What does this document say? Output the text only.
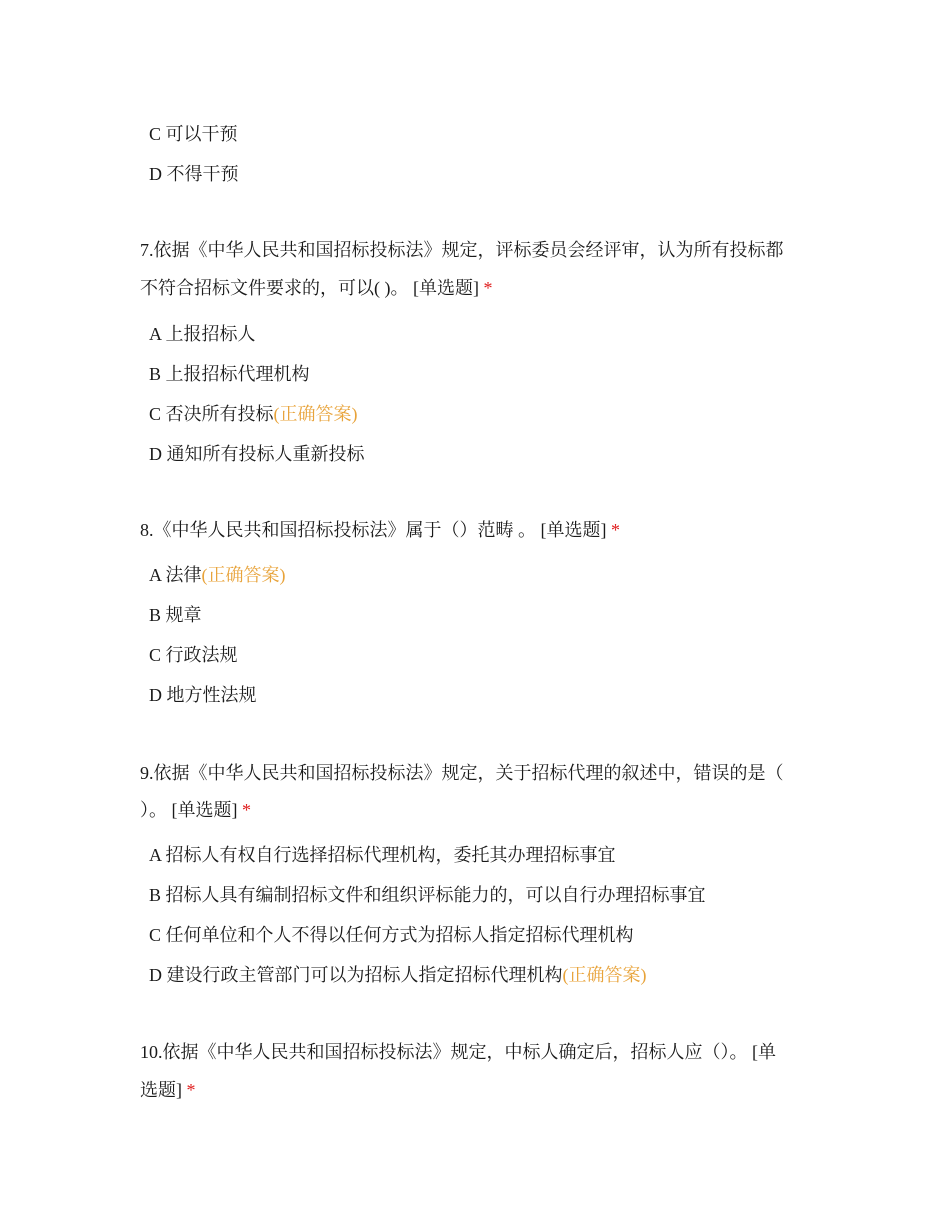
C 可以干预
D 不得干预
7.依据《中华人民共和国招标投标法》规定，评标委员会经评审，认为所有投标都
不符合招标文件要求的，可以( )。 [单选题] *
A 上报招标人
B 上报招标代理机构
C 否决所有投标(正确答案)
D 通知所有投标人重新投标
8.《中华人民共和国招标投标法》属于（）范畴 。 [单选题] *
A 法律(正确答案)
B 规章
C 行政法规
D 地方性法规
9.依据《中华人民共和国招标投标法》规定，关于招标代理的叙述中，错误的是（
）。 [单选题] *
A 招标人有权自行选择招标代理机构，委托其办理招标事宜
B 招标人具有编制招标文件和组织评标能力的，可以自行办理招标事宜
C 任何单位和个人不得以任何方式为招标人指定招标代理机构
D 建设行政主管部门可以为招标人指定招标代理机构(正确答案)
10.依据《中华人民共和国招标投标法》规定，中标人确定后，招标人应（）。 [单
选题] *
